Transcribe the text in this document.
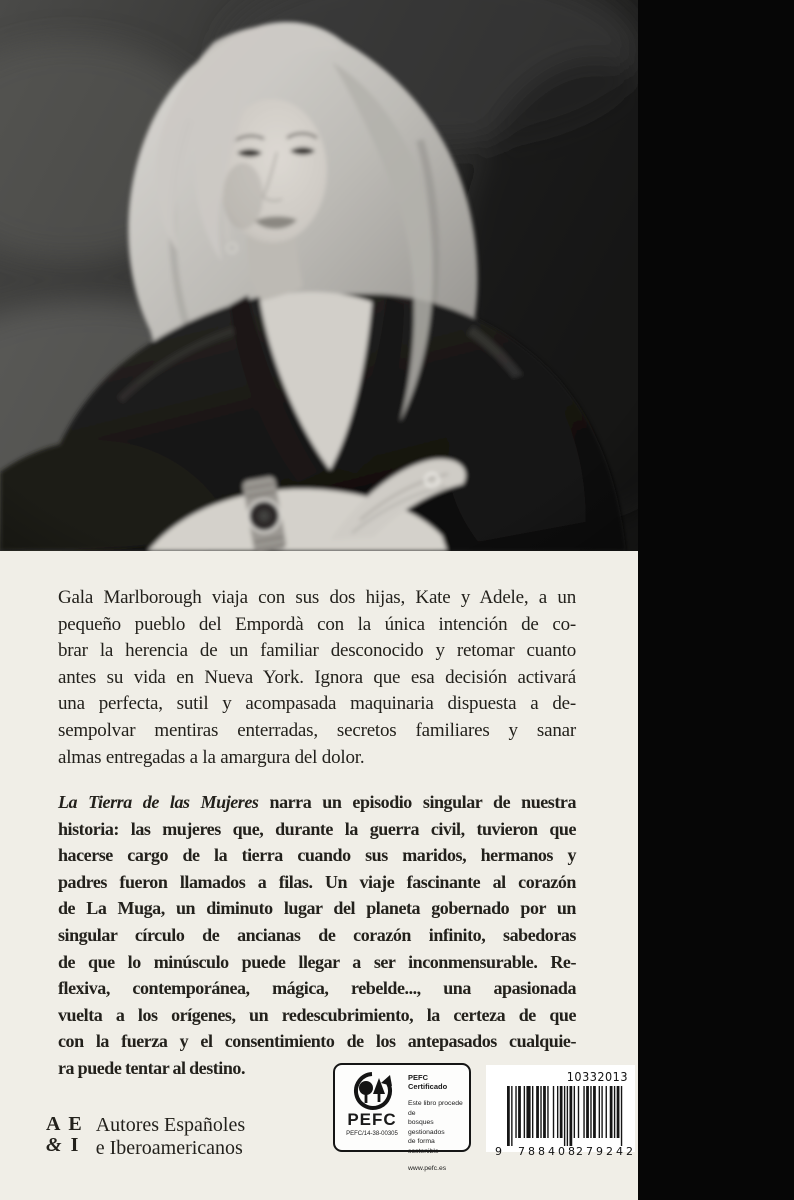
Gala Marlborough viaja con sus dos hijas, Kate y Adele, a un
pequeño pueblo del Empordà con la única intención de co-
brar la herencia de un familiar desconocido y retomar cuanto
antes su vida en Nueva York. Ignora que esa decisión activará
una perfecta, sutil y acompasada maquinaria dispuesta a de-
sempolvar mentiras enterradas, secretos familiares y sanar
almas entregadas a la amargura del dolor.
La Tierra de las Mujeres narra un episodio singular de nuestra
historia: las mujeres que, durante la guerra civil, tuvieron que
hacerse cargo de la tierra cuando sus maridos, hermanos y
padres fueron llamados a filas. Un viaje fascinante al corazón
de La Muga, un diminuto lugar del planeta gobernado por un
singular círculo de ancianas de corazón infinito, sabedoras
de que lo minúsculo puede llegar a ser inconmensurable. Re-
flexiva, contemporánea, mágica, rebelde..., una apasionada
vuelta a los orígenes, un redescubrimiento, la certeza de que
con la fuerza y el consentimiento de los antepasados cualquie-
ra puede tentar al destino.
A E
& I
Autores Españoles
e Iberoamericanos
PEFC
PEFC/14-38-00305
PEFC Certificado
Este libro procede de
bosques gestionados
de forma sostenible
www.pefc.es
10332013
9 788408
279242
